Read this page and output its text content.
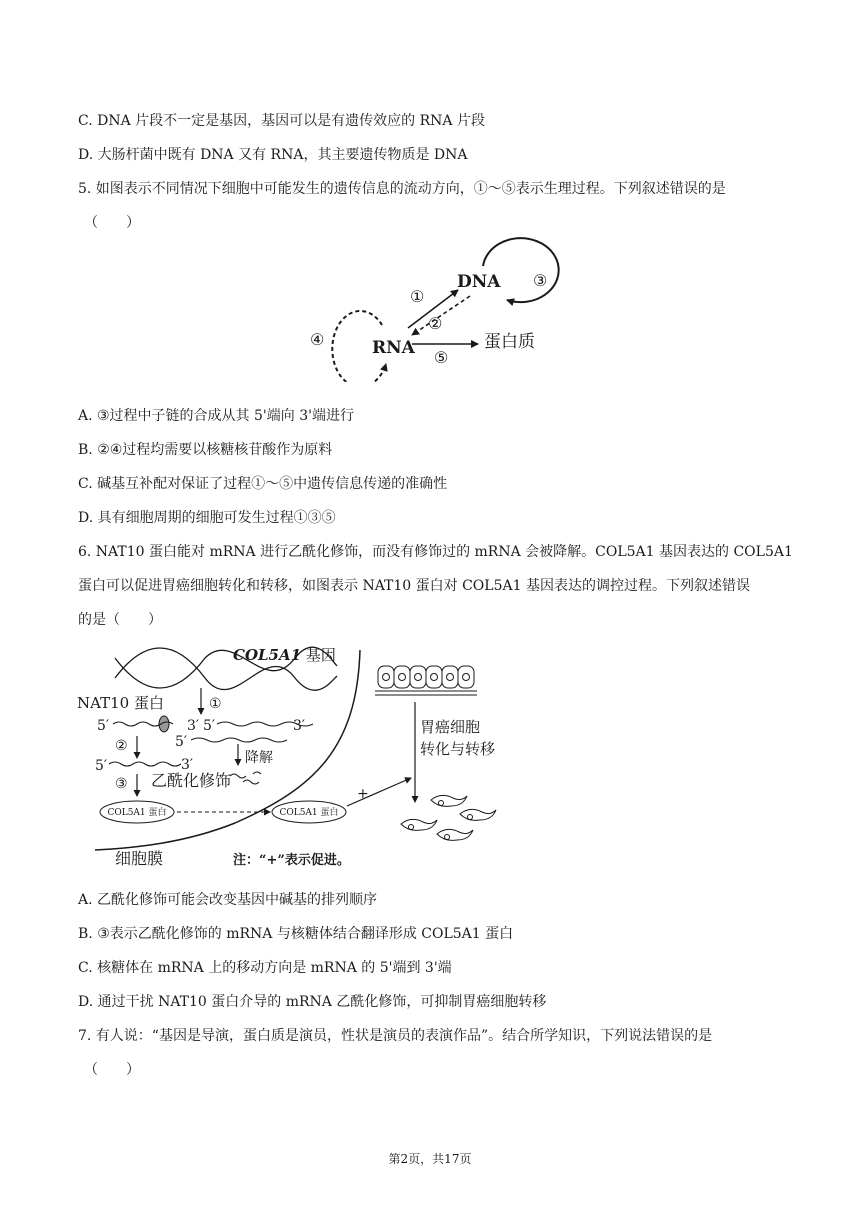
C. DNA 片段不一定是基因，基因可以是有遗传效应的 RNA 片段
D. 大肠杆菌中既有 DNA 又有 RNA，其主要遗传物质是 DNA
5. 如图表示不同情况下细胞中可能发生的遗传信息的流动方向，①～⑤表示生理过程。下列叙述错误的是
（　　）
DNA
RNA	蛋白质
①
②
③
④
⑤
A. ③过程中子链的合成从其 5'端向 3'端进行
B. ②④过程均需要以核糖核苷酸作为原料
C. 碱基互补配对保证了过程①～⑤中遗传信息传递的准确性
D. 具有细胞周期的细胞可发生过程①③⑤
6. NAT10 蛋白能对 mRNA 进行乙酰化修饰，而没有修饰过的 mRNA 会被降解。COL5A1 基因表达的 COL5A1
蛋白可以促进胃癌细胞转化和转移，如图表示 NAT10 蛋白对 COL5A1 基因表达的调控过程。下列叙述错误
的是（　　）
COL5A1 基因
NAT10 蛋白	①
5′	3′ 5′	3′
5′
②
5′	3′	降解
③ 乙酰化修饰
COL5A1 蛋白	COL5A1 蛋白
+
胃癌细胞
转化与转移
细胞膜	注：“+”表示促进。
A. 乙酰化修饰可能会改变基因中碱基的排列顺序
B. ③表示乙酰化修饰的 mRNA 与核糖体结合翻译形成 COL5A1 蛋白
C. 核糖体在 mRNA 上的移动方向是 mRNA 的 5'端到 3'端
D. 通过干扰 NAT10 蛋白介导的 mRNA 乙酰化修饰，可抑制胃癌细胞转移
7. 有人说：“基因是导演，蛋白质是演员，性状是演员的表演作品”。结合所学知识，下列说法错误的是
（　　）
第2页，共17页
